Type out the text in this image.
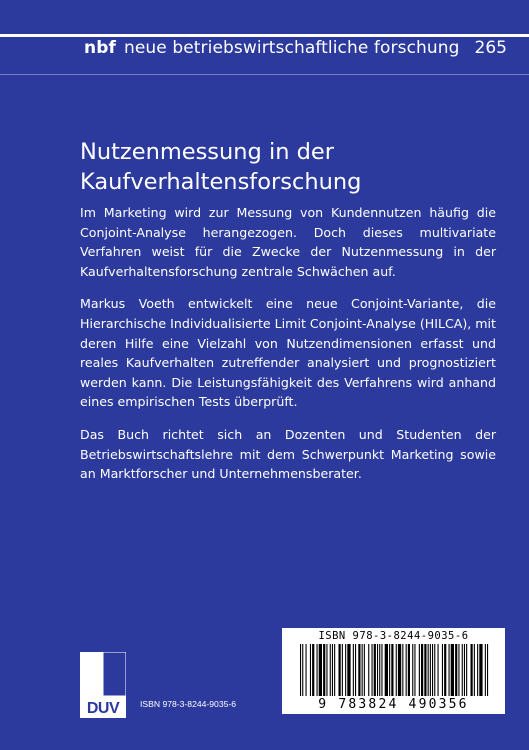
nbf neue betriebswirtschaftliche forschung 265
Nutzenmessung in der
Kaufverhaltensforschung

Im Marketing wird zur Messung von Kundennutzen häufig die Conjoint-Analyse herangezogen. Doch dieses multivariate Verfahren weist für die Zwecke der Nutzenmessung in der Kaufverhaltensforschung zentrale Schwächen auf.

Markus Voeth entwickelt eine neue Conjoint-Variante, die Hierarchische Individualisierte Limit Conjoint-Analyse (HILCA), mit deren Hilfe eine Vielzahl von Nutzendimensionen erfasst und reales Kaufverhalten zutreffender analysiert und prognostiziert werden kann. Die Leistungsfähigkeit des Verfahrens wird anhand eines empirischen Tests überprüft.

Das Buch richtet sich an Dozenten und Studenten der Betriebswirtschaftslehre mit dem Schwerpunkt Marketing sowie an Marktforscher und Unternehmensberater.

ISBN 978-3-8244-9035-6
9 783824 490356
DUV ISBN 978-3-8244-9035-6
